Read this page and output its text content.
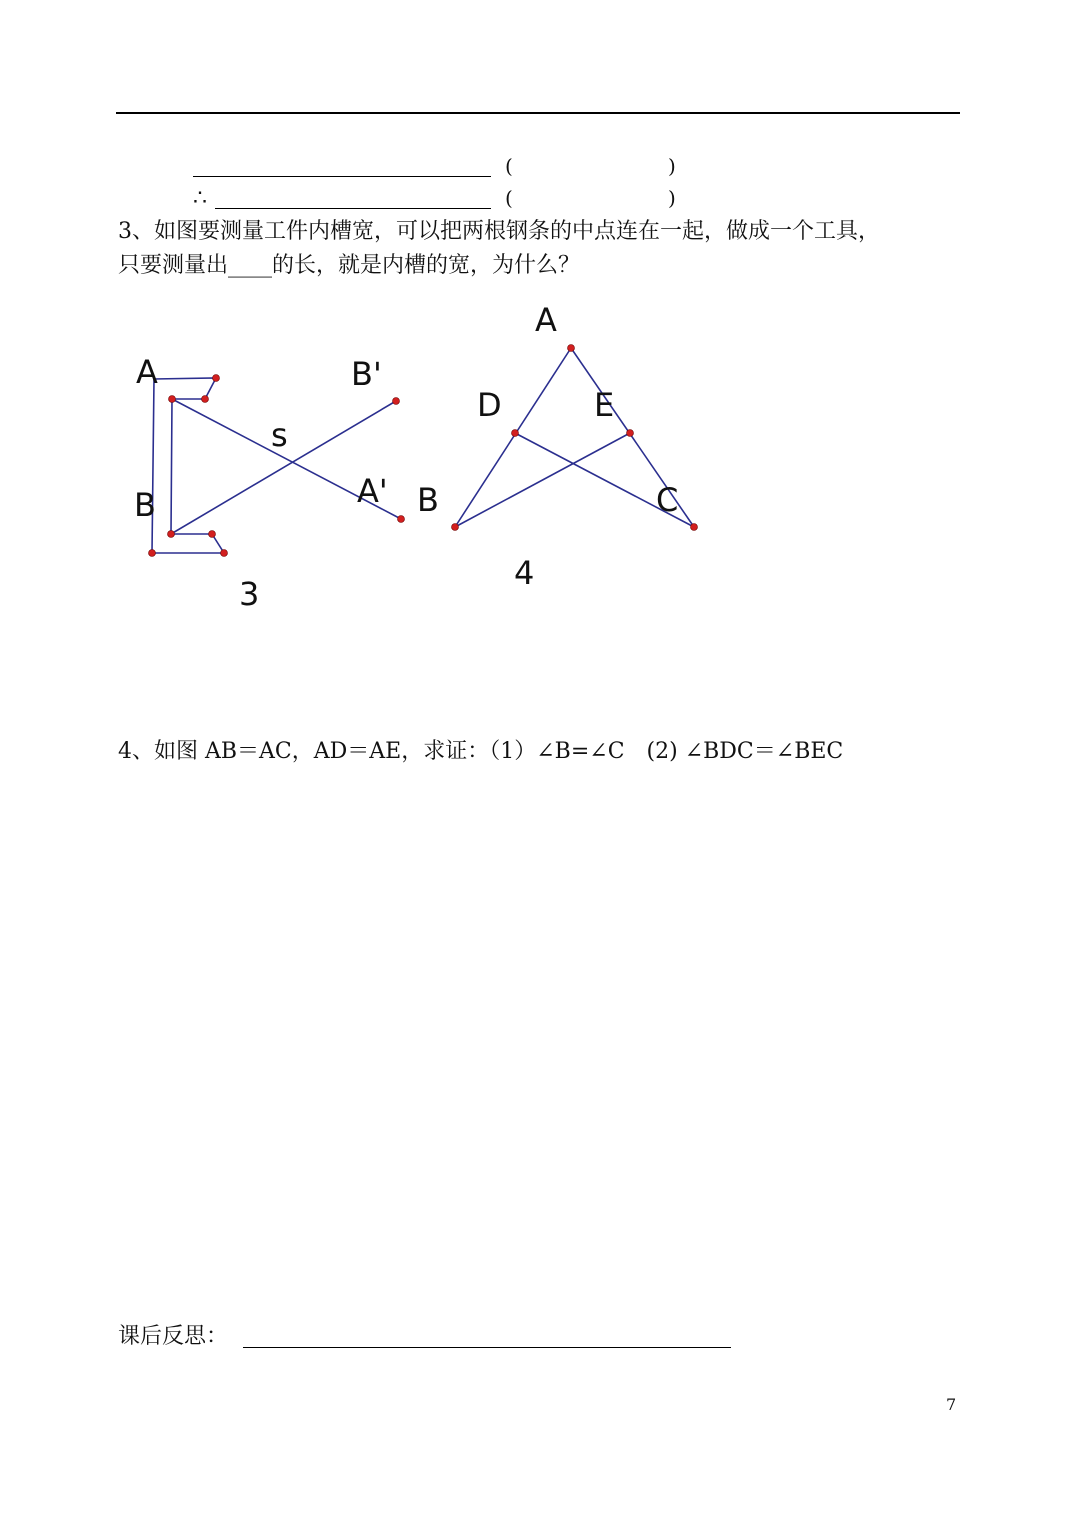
(	)
∴	(	)
3、如图要测量工件内槽宽，可以把两根钢条的中点连在一起，做成一个工具，
只要测量出____的长，就是内槽的宽，为什么？
A
B
B'
A'
s
3
A
D	E
B	C
4
4、如图 AB＝AC，AD＝AE，求证：（1）∠B=∠C　(2) ∠BDC＝∠BEC
课后反思：
7
